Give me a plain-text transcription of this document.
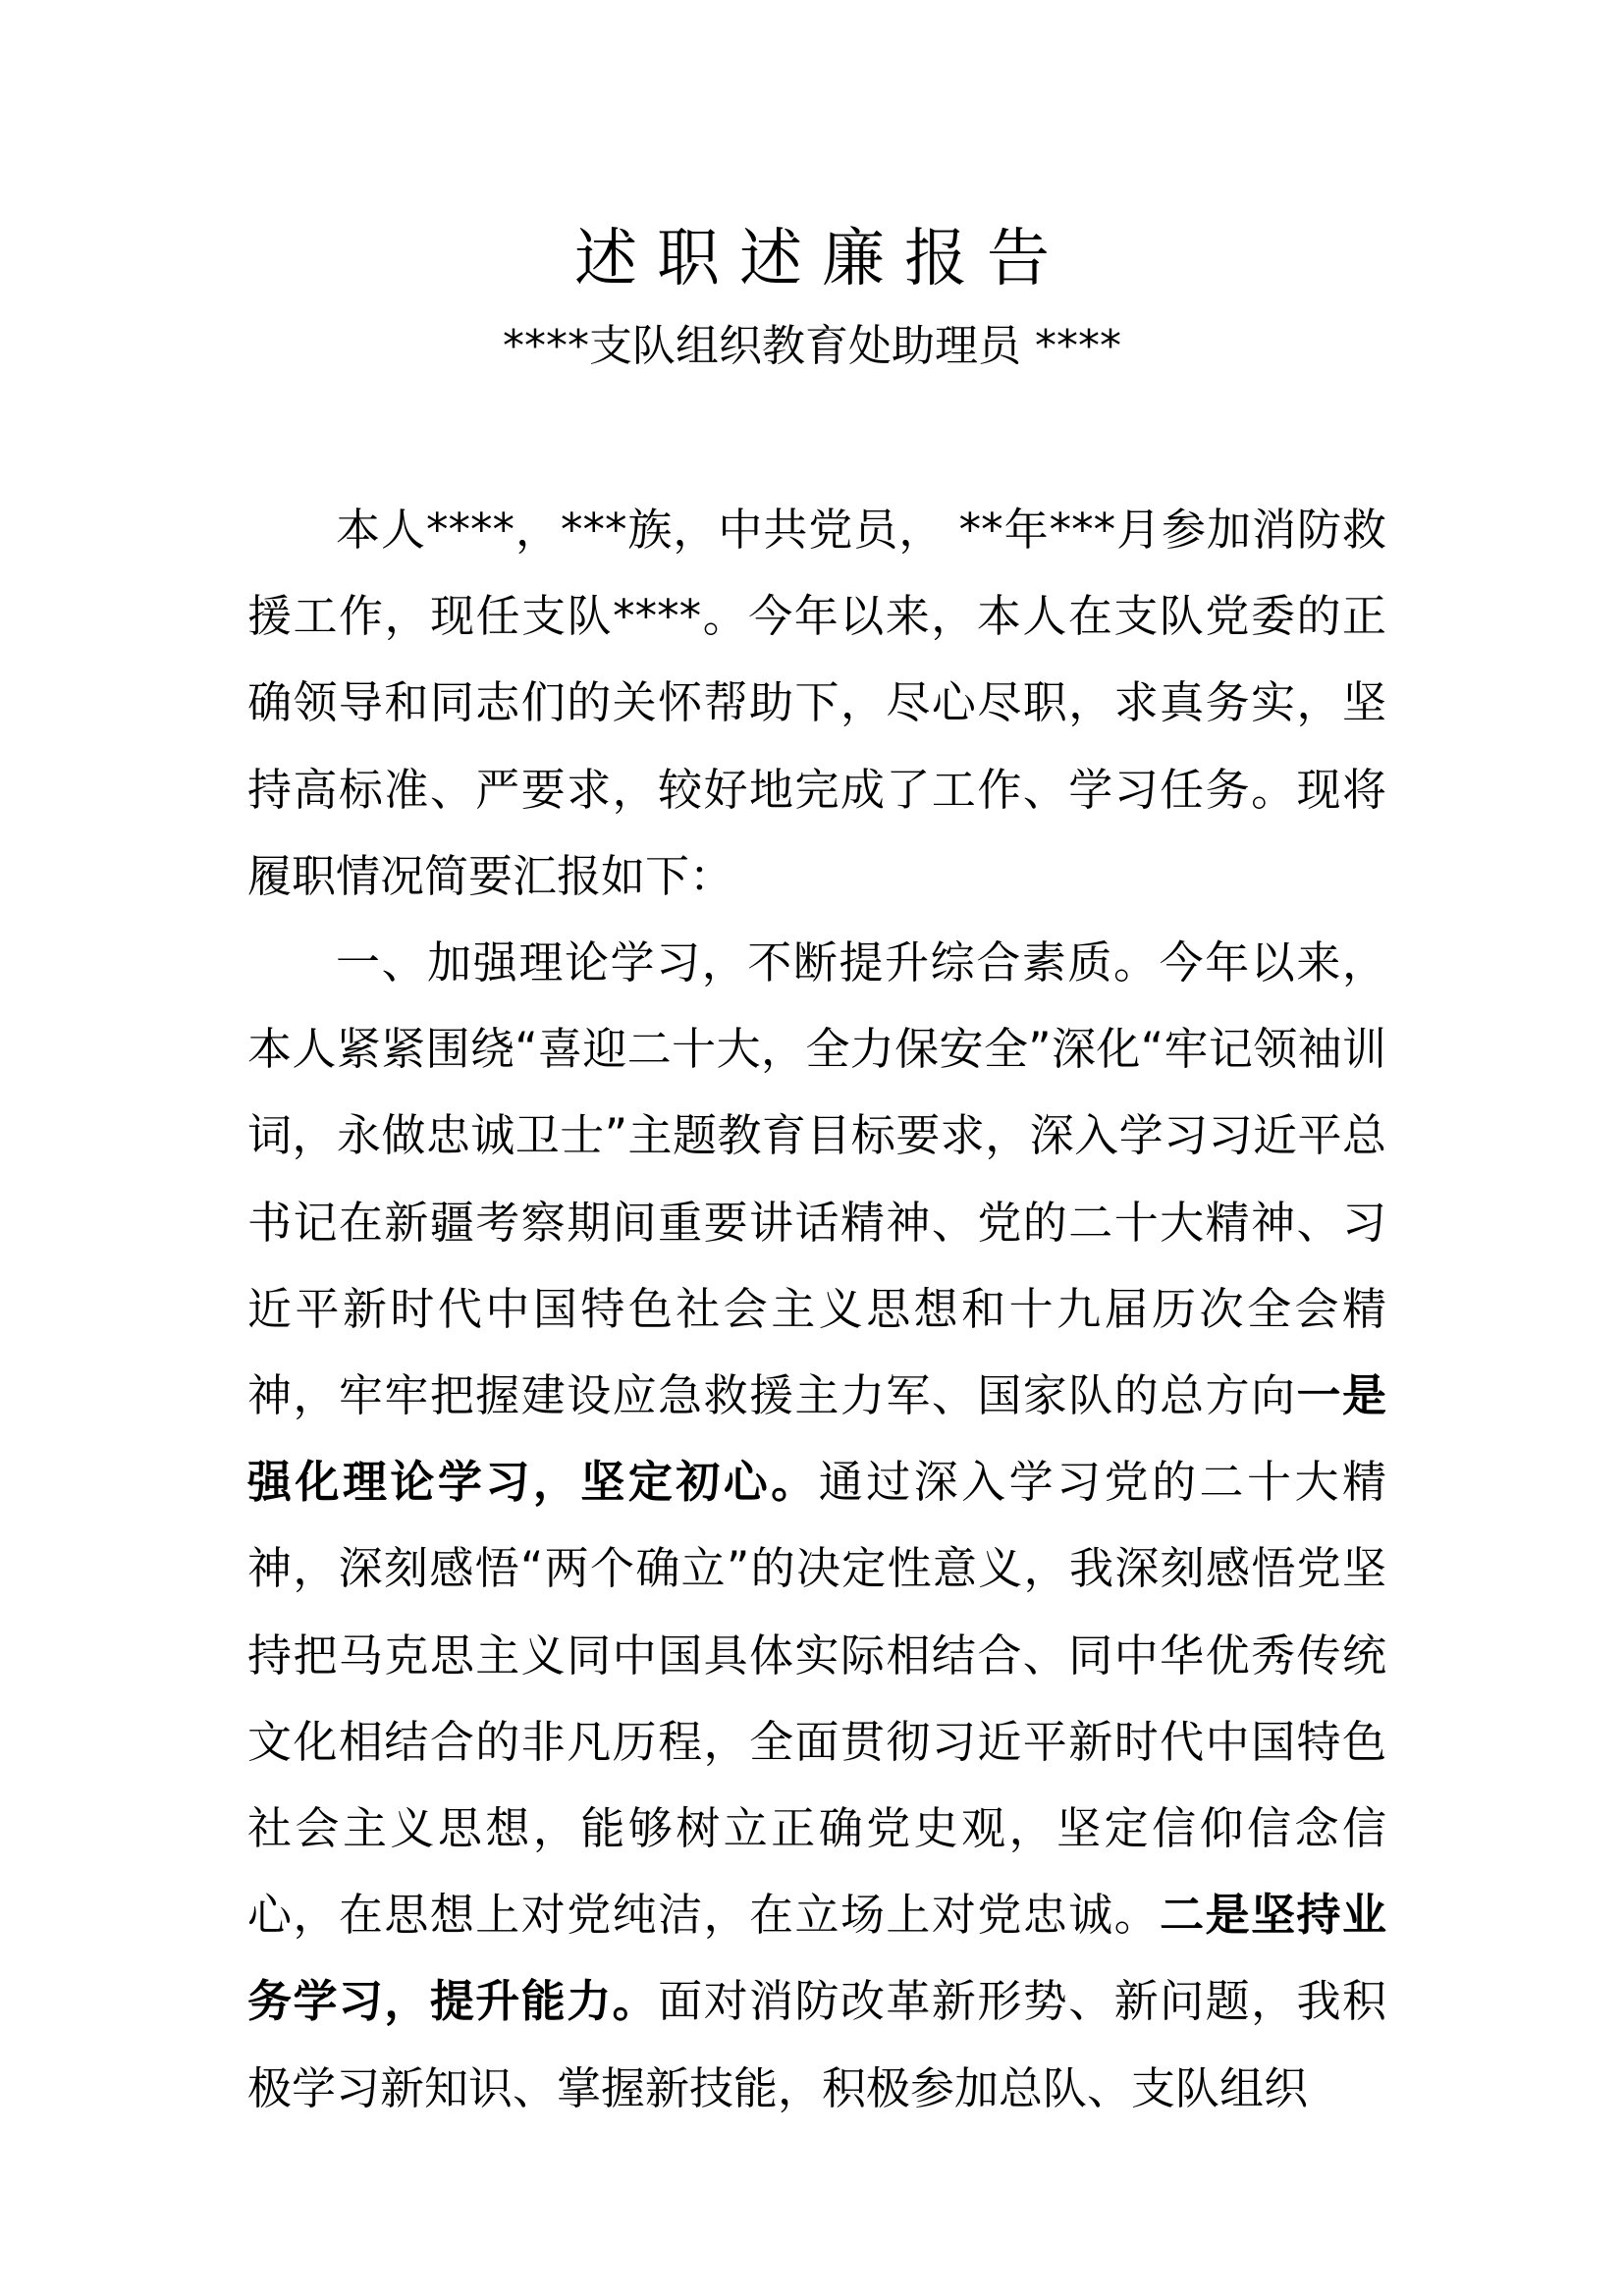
述职述廉报告

****支队组织教育处助理员 ****

本人****，***族，中共党员， **年***月参加消防救援工作，现任支队****。今年以来，本人在支队党委的正确领导和同志们的关怀帮助下，尽心尽职，求真务实，坚持高标准、严要求，较好地完成了工作、学习任务。现将履职情况简要汇报如下：

一、加强理论学习，不断提升综合素质。今年以来，本人紧紧围绕“喜迎二十大，全力保安全”深化“牢记领袖训词，永做忠诚卫士”主题教育目标要求，深入学习习近平总书记在新疆考察期间重要讲话精神、党的二十大精神、习近平新时代中国特色社会主义思想和十九届历次全会精神，牢牢把握建设应急救援主力军、国家队的总方向一是强化理论学习，坚定初心。通过深入学习党的二十大精神，深刻感悟“两个确立”的决定性意义，我深刻感悟党坚持把马克思主义同中国具体实际相结合、同中华优秀传统文化相结合的非凡历程，全面贯彻习近平新时代中国特色社会主义思想，能够树立正确党史观，坚定信仰信念信心，在思想上对党纯洁，在立场上对党忠诚。二是坚持业务学习，提升能力。面对消防改革新形势、新问题，我积极学习新知识、掌握新技能，积极参加总队、支队组织
